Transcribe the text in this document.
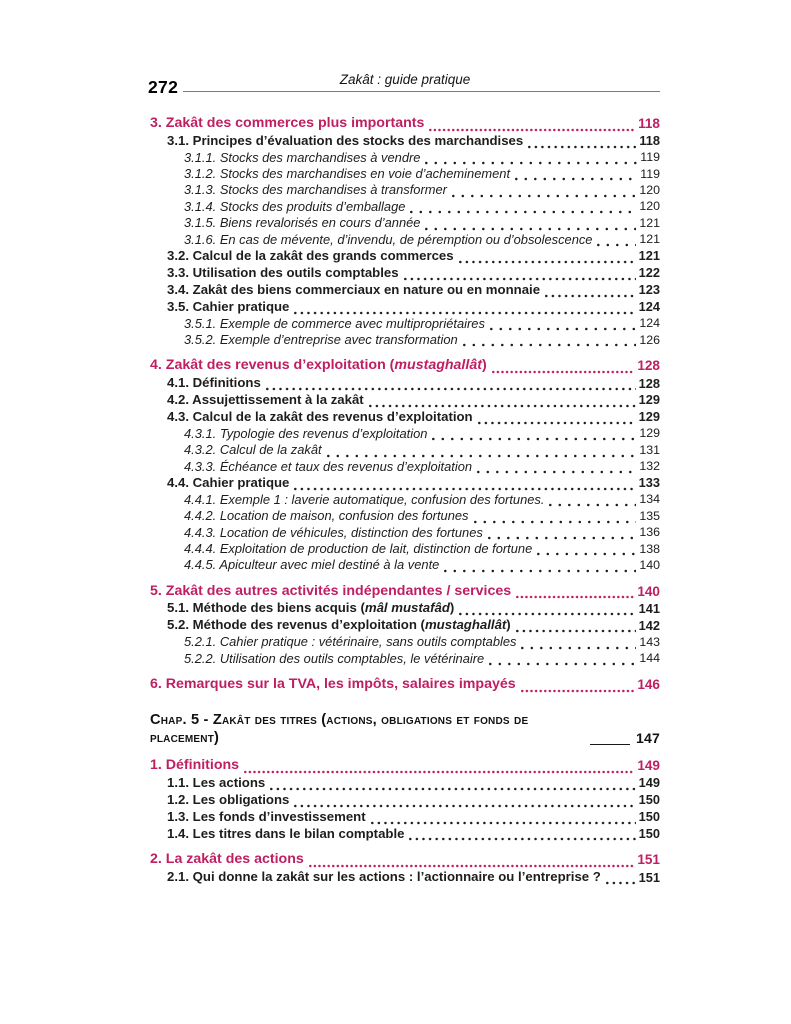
Zakât : guide pratique
272
3. Zakât des commerces plus importants	118
3.1. Principes d’évaluation des stocks des marchandises	118
3.1.1. Stocks des marchandises à vendre	119
3.1.2. Stocks des marchandises en voie d’acheminement	119
3.1.3. Stocks des marchandises à transformer	120
3.1.4. Stocks des produits d’emballage	120
3.1.5. Biens revalorisés en cours d’année	121
3.1.6. En cas de mévente, d’invendu, de péremption ou d’obsolescence	121
3.2. Calcul de la zakât des grands commerces	121
3.3. Utilisation des outils comptables	122
3.4. Zakât des biens commerciaux en nature ou en monnaie	123
3.5. Cahier pratique	124
3.5.1. Exemple de commerce avec multipropriétaires	124
3.5.2. Exemple d’entreprise avec transformation	126
4. Zakât des revenus d’exploitation (mustaghallât)	128
4.1. Définitions	128
4.2. Assujettissement à la zakât	129
4.3. Calcul de la zakât des revenus d’exploitation	129
4.3.1. Typologie des revenus d’exploitation	129
4.3.2. Calcul de la zakât	131
4.3.3. Échéance et taux des revenus d’exploitation	132
4.4. Cahier pratique	133
4.4.1. Exemple 1 : laverie automatique, confusion des fortunes.	134
4.4.2. Location de maison, confusion des fortunes	135
4.4.3. Location de véhicules, distinction des fortunes	136
4.4.4. Exploitation de production de lait, distinction de fortune	138
4.4.5. Apiculteur avec miel destiné à la vente	140
5. Zakât des autres activités indépendantes / services	140
5.1. Méthode des biens acquis (mâl mustafâd)	141
5.2. Méthode des revenus d’exploitation (mustaghallât)	142
5.2.1. Cahier pratique : vétérinaire, sans outils comptables	143
5.2.2. Utilisation des outils comptables, le vétérinaire	144
6. Remarques sur la TVA, les impôts, salaires impayés	146
Chap. 5 - Zakât des titres (actions, obligations et fonds de placement)	147
1. Définitions	149
1.1. Les actions	149
1.2. Les obligations	150
1.3. Les fonds d’investissement	150
1.4. Les titres dans le bilan comptable	150
2. La zakât des actions	151
2.1. Qui donne la zakât sur les actions : l’actionnaire ou l’entreprise ?	151
